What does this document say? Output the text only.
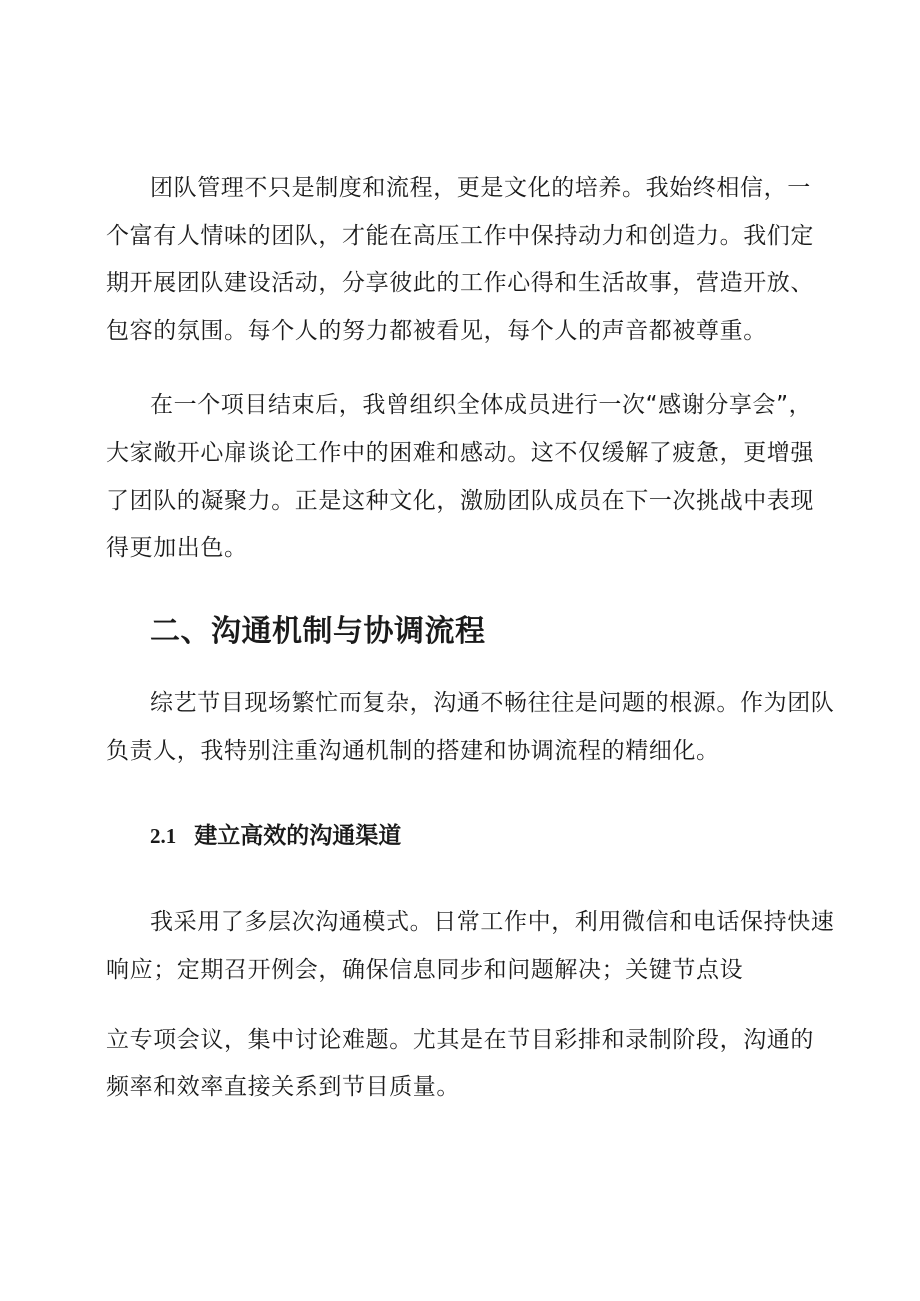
团队管理不只是制度和流程，更是文化的培养。我始终相信，一
个富有人情味的团队，才能在高压工作中保持动力和创造力。我们定
期开展团队建设活动，分享彼此的工作心得和生活故事，营造开放、
包容的氛围。每个人的努力都被看见，每个人的声音都被尊重。
在一个项目结束后，我曾组织全体成员进行一次“感谢分享会”，
大家敞开心扉谈论工作中的困难和感动。这不仅缓解了疲惫，更增强
了团队的凝聚力。正是这种文化，激励团队成员在下一次挑战中表现
得更加出色。
二、沟通机制与协调流程
综艺节目现场繁忙而复杂，沟通不畅往往是问题的根源。作为团队
负责人，我特别注重沟通机制的搭建和协调流程的精细化。
2.1 建立高效的沟通渠道
我采用了多层次沟通模式。日常工作中，利用微信和电话保持快速
响应；定期召开例会，确保信息同步和问题解决；关键节点设
立专项会议，集中讨论难题。尤其是在节目彩排和录制阶段，沟通的
频率和效率直接关系到节目质量。
